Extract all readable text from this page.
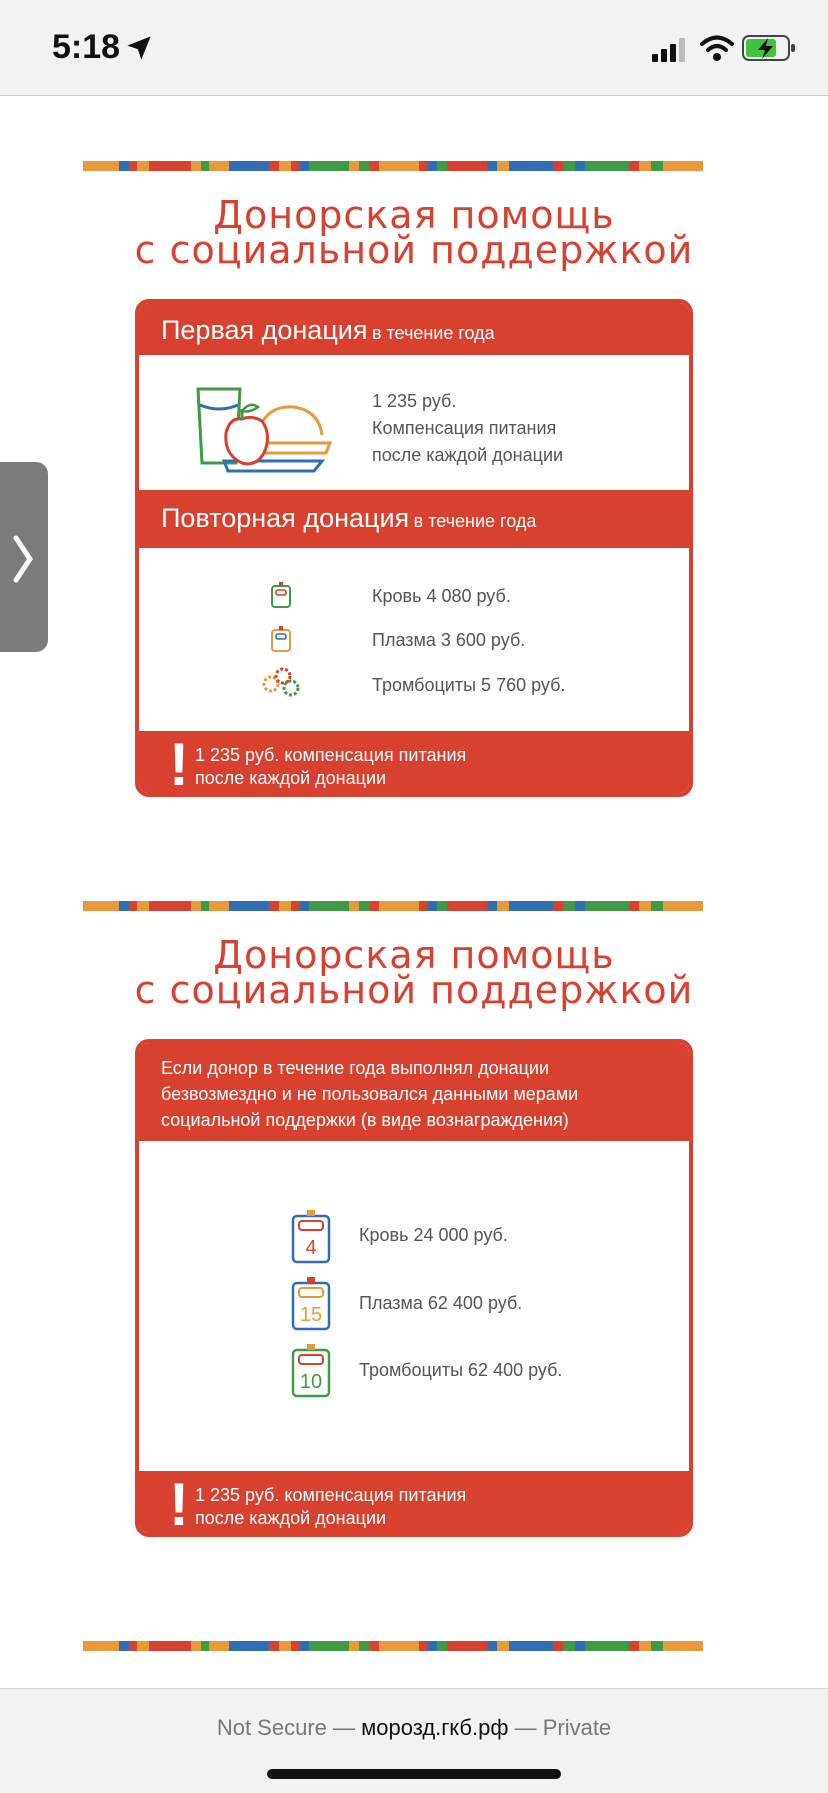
5:18
Донорская помощь
с социальной поддержкой
Первая донация в течение года
1 235 руб.
Компенсация питания
после каждой донации
Повторная донация в течение года
Кровь 4 080 руб.
Плазма 3 600 руб.
Тромбоциты 5 760 руб.
! 1 235 руб. компенсация питания
после каждой донации
Донорская помощь
с социальной поддержкой
Если донор в течение года выполнял донации
безвозмездно и не пользовался данными мерами
социальной поддержки (в виде вознаграждения)
4
Кровь 24 000 руб.
15
Плазма 62 400 руб.
10
Тромбоциты 62 400 руб.
! 1 235 руб. компенсация питания
после каждой донации
Not Secure — морозд.гкб.рф — Private
